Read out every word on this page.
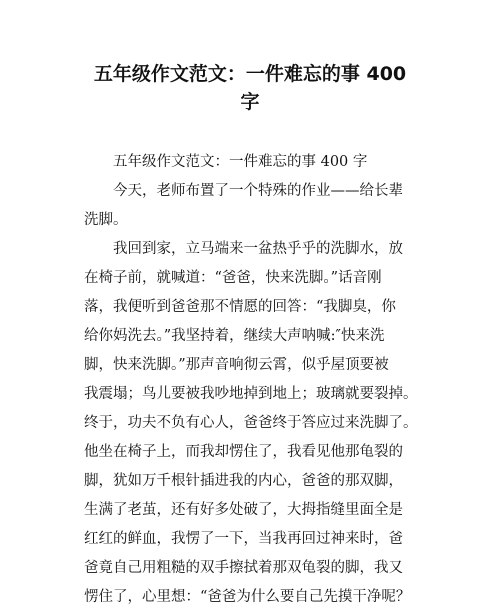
五年级作文范文：一件难忘的事 400
字
五年级作文范文：一件难忘的事 400 字
今天，老师布置了一个特殊的作业——给长辈
洗脚。
我回到家，立马端来一盆热乎乎的洗脚水，放
在椅子前，就喊道：“爸爸，快来洗脚。”话音刚
落，我便听到爸爸那不情愿的回答：“我脚臭，你
给你妈洗去。”我坚持着，继续大声呐喊:″快来洗
脚，快来洗脚。”那声音响彻云霄，似乎屋顶要被
我震塌；鸟儿要被我吵地掉到地上；玻璃就要裂掉。
终于，功夫不负有心人，爸爸终于答应过来洗脚了。
他坐在椅子上，而我却愣住了，我看见他那龟裂的
脚，犹如万千根针插进我的内心，爸爸的那双脚，
生满了老茧，还有好多处破了，大拇指缝里面全是
红红的鲜血，我愣了一下，当我再回过神来时，爸
爸竟自己用粗糙的双手擦拭着那双龟裂的脚，我又
愣住了，心里想：“爸爸为什么要自己先摸干净呢？
